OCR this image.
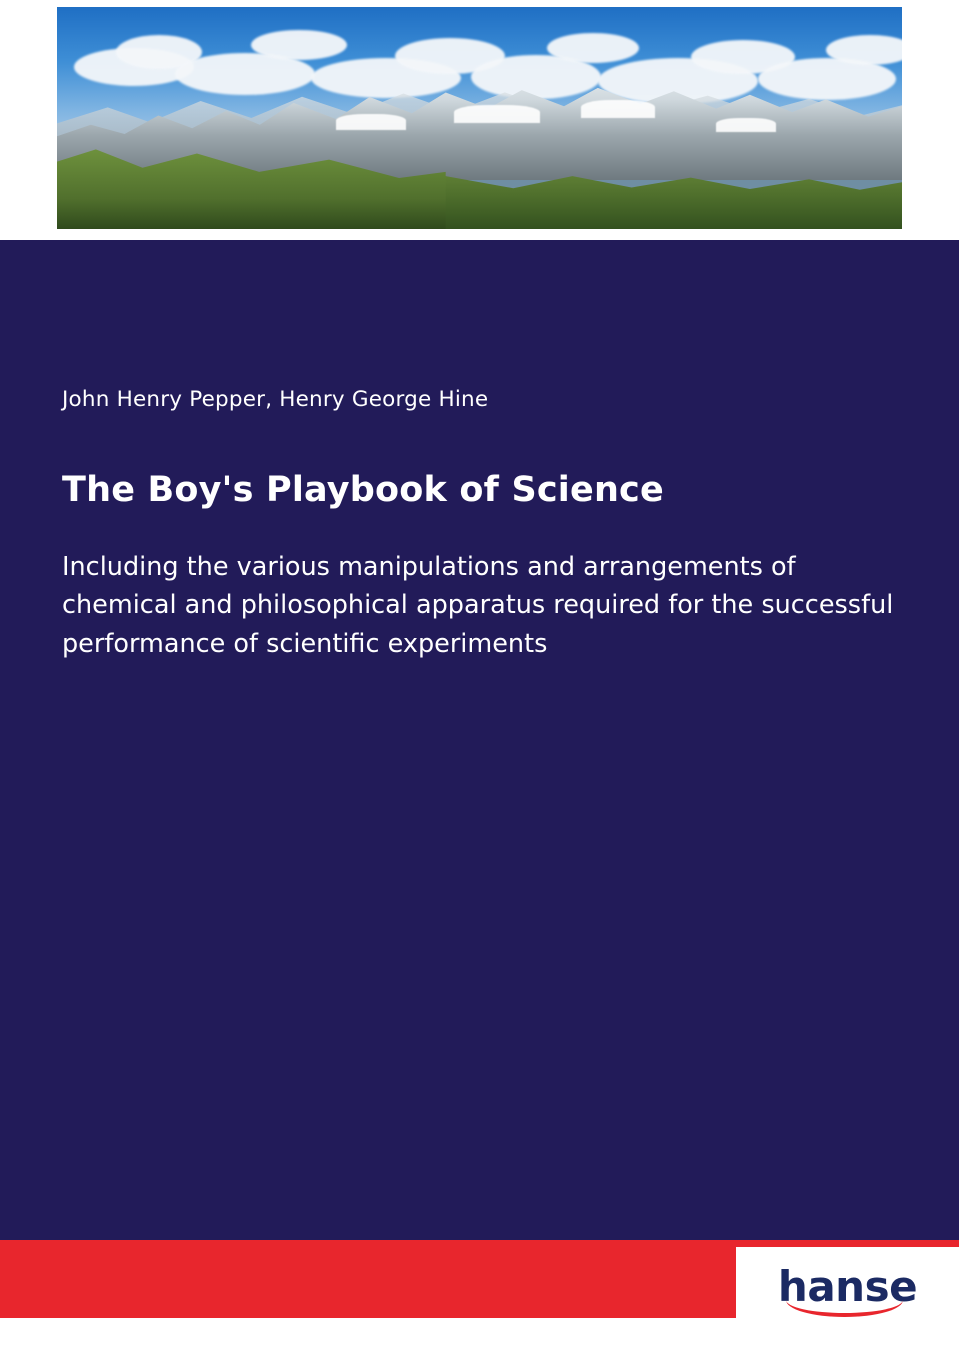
John Henry Pepper, Henry George Hine

The Boy's Playbook of Science

Including the various manipulations and arrangements of chemical and philosophical apparatus required for the successful performance of scientific experiments

hanse
